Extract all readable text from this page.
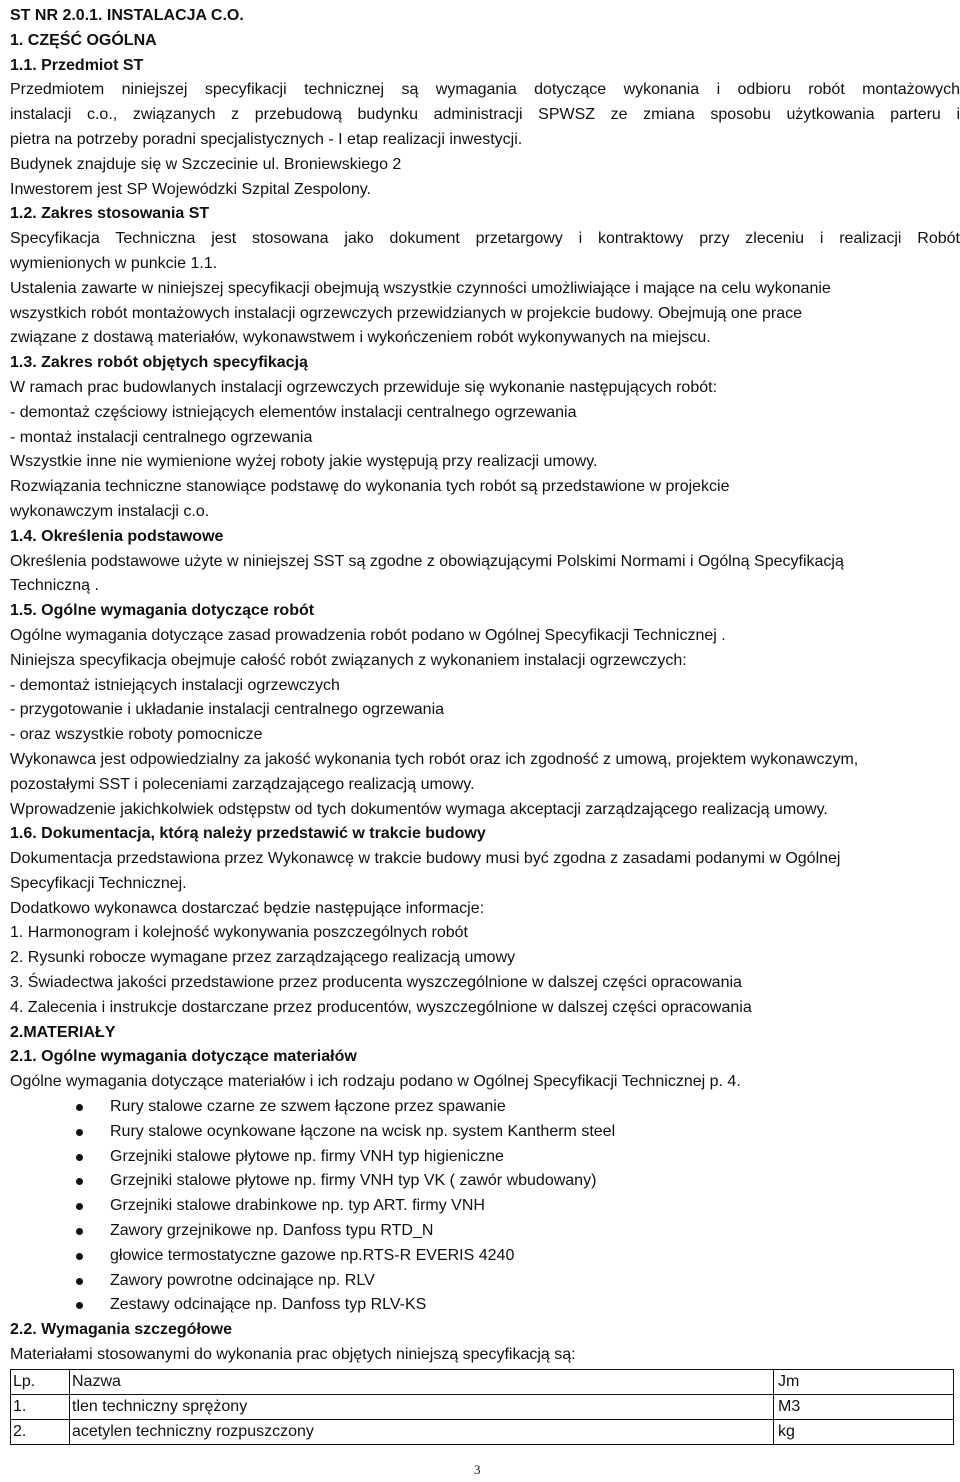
ST NR 2.0.1. INSTALACJA C.O.
1. CZĘŚĆ OGÓLNA
1.1. Przedmiot ST
Przedmiotem niniejszej specyfikacji technicznej są wymagania dotyczące wykonania i odbioru robót montażowych
instalacji c.o., związanych z przebudową budynku administracji SPWSZ ze zmiana sposobu użytkowania parteru i
pietra na potrzeby poradni specjalistycznych - I etap realizacji inwestycji.
Budynek znajduje się w Szczecinie ul. Broniewskiego 2
Inwestorem jest SP Wojewódzki Szpital Zespolony.
1.2. Zakres stosowania ST
Specyfikacja Techniczna jest stosowana jako dokument przetargowy i kontraktowy przy zleceniu i realizacji Robót
wymienionych w punkcie 1.1.
Ustalenia zawarte w niniejszej specyfikacji obejmują wszystkie czynności umożliwiające i mające na celu wykonanie
wszystkich robót montażowych instalacji ogrzewczych przewidzianych w projekcie budowy. Obejmują one prace
związane z dostawą materiałów, wykonawstwem i wykończeniem robót wykonywanych na miejscu.
1.3. Zakres robót objętych specyfikacją
W ramach prac budowlanych instalacji ogrzewczych przewiduje się wykonanie następujących robót:
- demontaż częściowy istniejących elementów instalacji centralnego ogrzewania
- montaż instalacji centralnego ogrzewania
Wszystkie inne nie wymienione wyżej roboty jakie występują przy realizacji umowy.
Rozwiązania techniczne stanowiące podstawę do wykonania tych robót są przedstawione w projekcie
wykonawczym instalacji c.o.
1.4. Określenia podstawowe
Określenia podstawowe użyte w niniejszej SST są zgodne z obowiązującymi Polskimi Normami i Ogólną Specyfikacją
Techniczną .
1.5. Ogólne wymagania dotyczące robót
Ogólne wymagania dotyczące zasad prowadzenia robót podano w Ogólnej Specyfikacji Technicznej .
Niniejsza specyfikacja obejmuje całość robót związanych z wykonaniem instalacji ogrzewczych:
- demontaż istniejących instalacji ogrzewczych
- przygotowanie i układanie instalacji centralnego ogrzewania
- oraz wszystkie roboty pomocnicze
Wykonawca jest odpowiedzialny za jakość wykonania tych robót oraz ich zgodność z umową, projektem wykonawczym,
pozostałymi SST i poleceniami zarządzającego realizacją umowy.
Wprowadzenie jakichkolwiek odstępstw od tych dokumentów wymaga akceptacji zarządzającego realizacją umowy.
1.6. Dokumentacja, którą należy przedstawić w trakcie budowy
Dokumentacja przedstawiona przez Wykonawcę w trakcie budowy musi być zgodna z zasadami podanymi w Ogólnej
Specyfikacji Technicznej.
Dodatkowo wykonawca dostarczać będzie następujące informacje:
1. Harmonogram i kolejność wykonywania poszczególnych robót
2. Rysunki robocze wymagane przez zarządzającego realizacją umowy
3. Świadectwa jakości przedstawione przez producenta wyszczególnione w dalszej części opracowania
4. Zalecenia i instrukcje dostarczane przez producentów, wyszczególnione w dalszej części opracowania
2.MATERIAŁY
2.1. Ogólne wymagania dotyczące materiałów
Ogólne wymagania dotyczące materiałów i ich rodzaju podano w Ogólnej Specyfikacji Technicznej p. 4.
Rury stalowe czarne ze szwem łączone przez spawanie
Rury stalowe ocynkowane łączone na wcisk np. system Kantherm steel
Grzejniki stalowe płytowe np. firmy VNH typ higieniczne
Grzejniki stalowe płytowe np. firmy VNH typ VK ( zawór wbudowany)
Grzejniki stalowe drabinkowe np. typ ART. firmy VNH
Zawory grzejnikowe np. Danfoss typu RTD_N
głowice termostatyczne gazowe np.RTS-R EVERIS 4240
Zawory powrotne odcinające np. RLV
Zestawy odcinające np. Danfoss typ RLV-KS
2.2. Wymagania szczegółowe
Materiałami stosowanymi do wykonania prac objętych niniejszą specyfikacją są:
Lp.	Nazwa	Jm
1.	tlen techniczny sprężony	M3
2.	acetylen techniczny rozpuszczony	kg
3
